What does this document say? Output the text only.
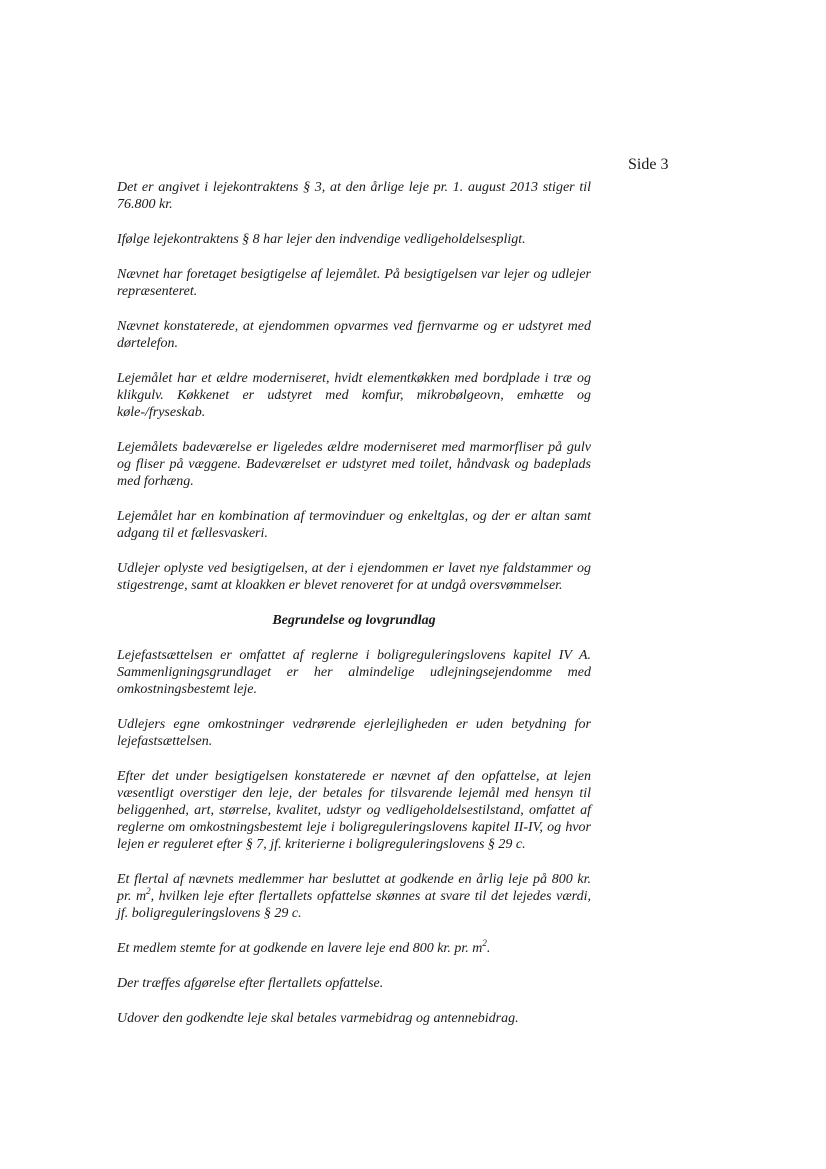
Side 3

Det er angivet i lejekontraktens § 3, at den årlige leje pr. 1. august 2013 stiger til 76.800 kr.

Ifølge lejekontraktens § 8 har lejer den indvendige vedligeholdelsespligt.

Nævnet har foretaget besigtigelse af lejemålet. På besigtigelsen var lejer og udlejer repræsenteret.

Nævnet konstaterede, at ejendommen opvarmes ved fjernvarme og er udstyret med dørtelefon.

Lejemålet har et ældre moderniseret, hvidt elementkøkken med bordplade i træ og klikgulv. Køkkenet er udstyret med komfur, mikrobølgeovn, emhætte og køle-/fryseskab.

Lejemålets badeværelse er ligeledes ældre moderniseret med marmorfliser på gulv og fliser på væggene. Badeværelset er udstyret med toilet, håndvask og badeplads med forhæng.

Lejemålet har en kombination af termovinduer og enkeltglas, og der er altan samt adgang til et fællesvaskeri.

Udlejer oplyste ved besigtigelsen, at der i ejendommen er lavet nye faldstammer og stigestrenge, samt at kloakken er blevet renoveret for at undgå oversvømmelser.

Begrundelse og lovgrundlag

Lejefastsættelsen er omfattet af reglerne i boligreguleringslovens kapitel IV A. Sammenligningsgrundlaget er her almindelige udlejningsejendomme med omkostningsbestemt leje.

Udlejers egne omkostninger vedrørende ejerlejligheden er uden betydning for lejefastsættelsen.

Efter det under besigtigelsen konstaterede er nævnet af den opfattelse, at lejen væsentligt overstiger den leje, der betales for tilsvarende lejemål med hensyn til beliggenhed, art, størrelse, kvalitet, udstyr og vedligeholdelsestilstand, omfattet af reglerne om omkostningsbestemt leje i boligreguleringslovens kapitel II-IV, og hvor lejen er reguleret efter § 7, jf. kriterierne i boligreguleringslovens § 29 c.

Et flertal af nævnets medlemmer har besluttet at godkende en årlig leje på 800 kr. pr. $m^2$, hvilken leje efter flertallets opfattelse skønnes at svare til det lejedes værdi, jf. boligreguleringslovens § 29 c.

Et medlem stemte for at godkende en lavere leje end 800 kr. pr. $m^2$.

Der træffes afgørelse efter flertallets opfattelse.

Udover den godkendte leje skal betales varmebidrag og antennebidrag.
